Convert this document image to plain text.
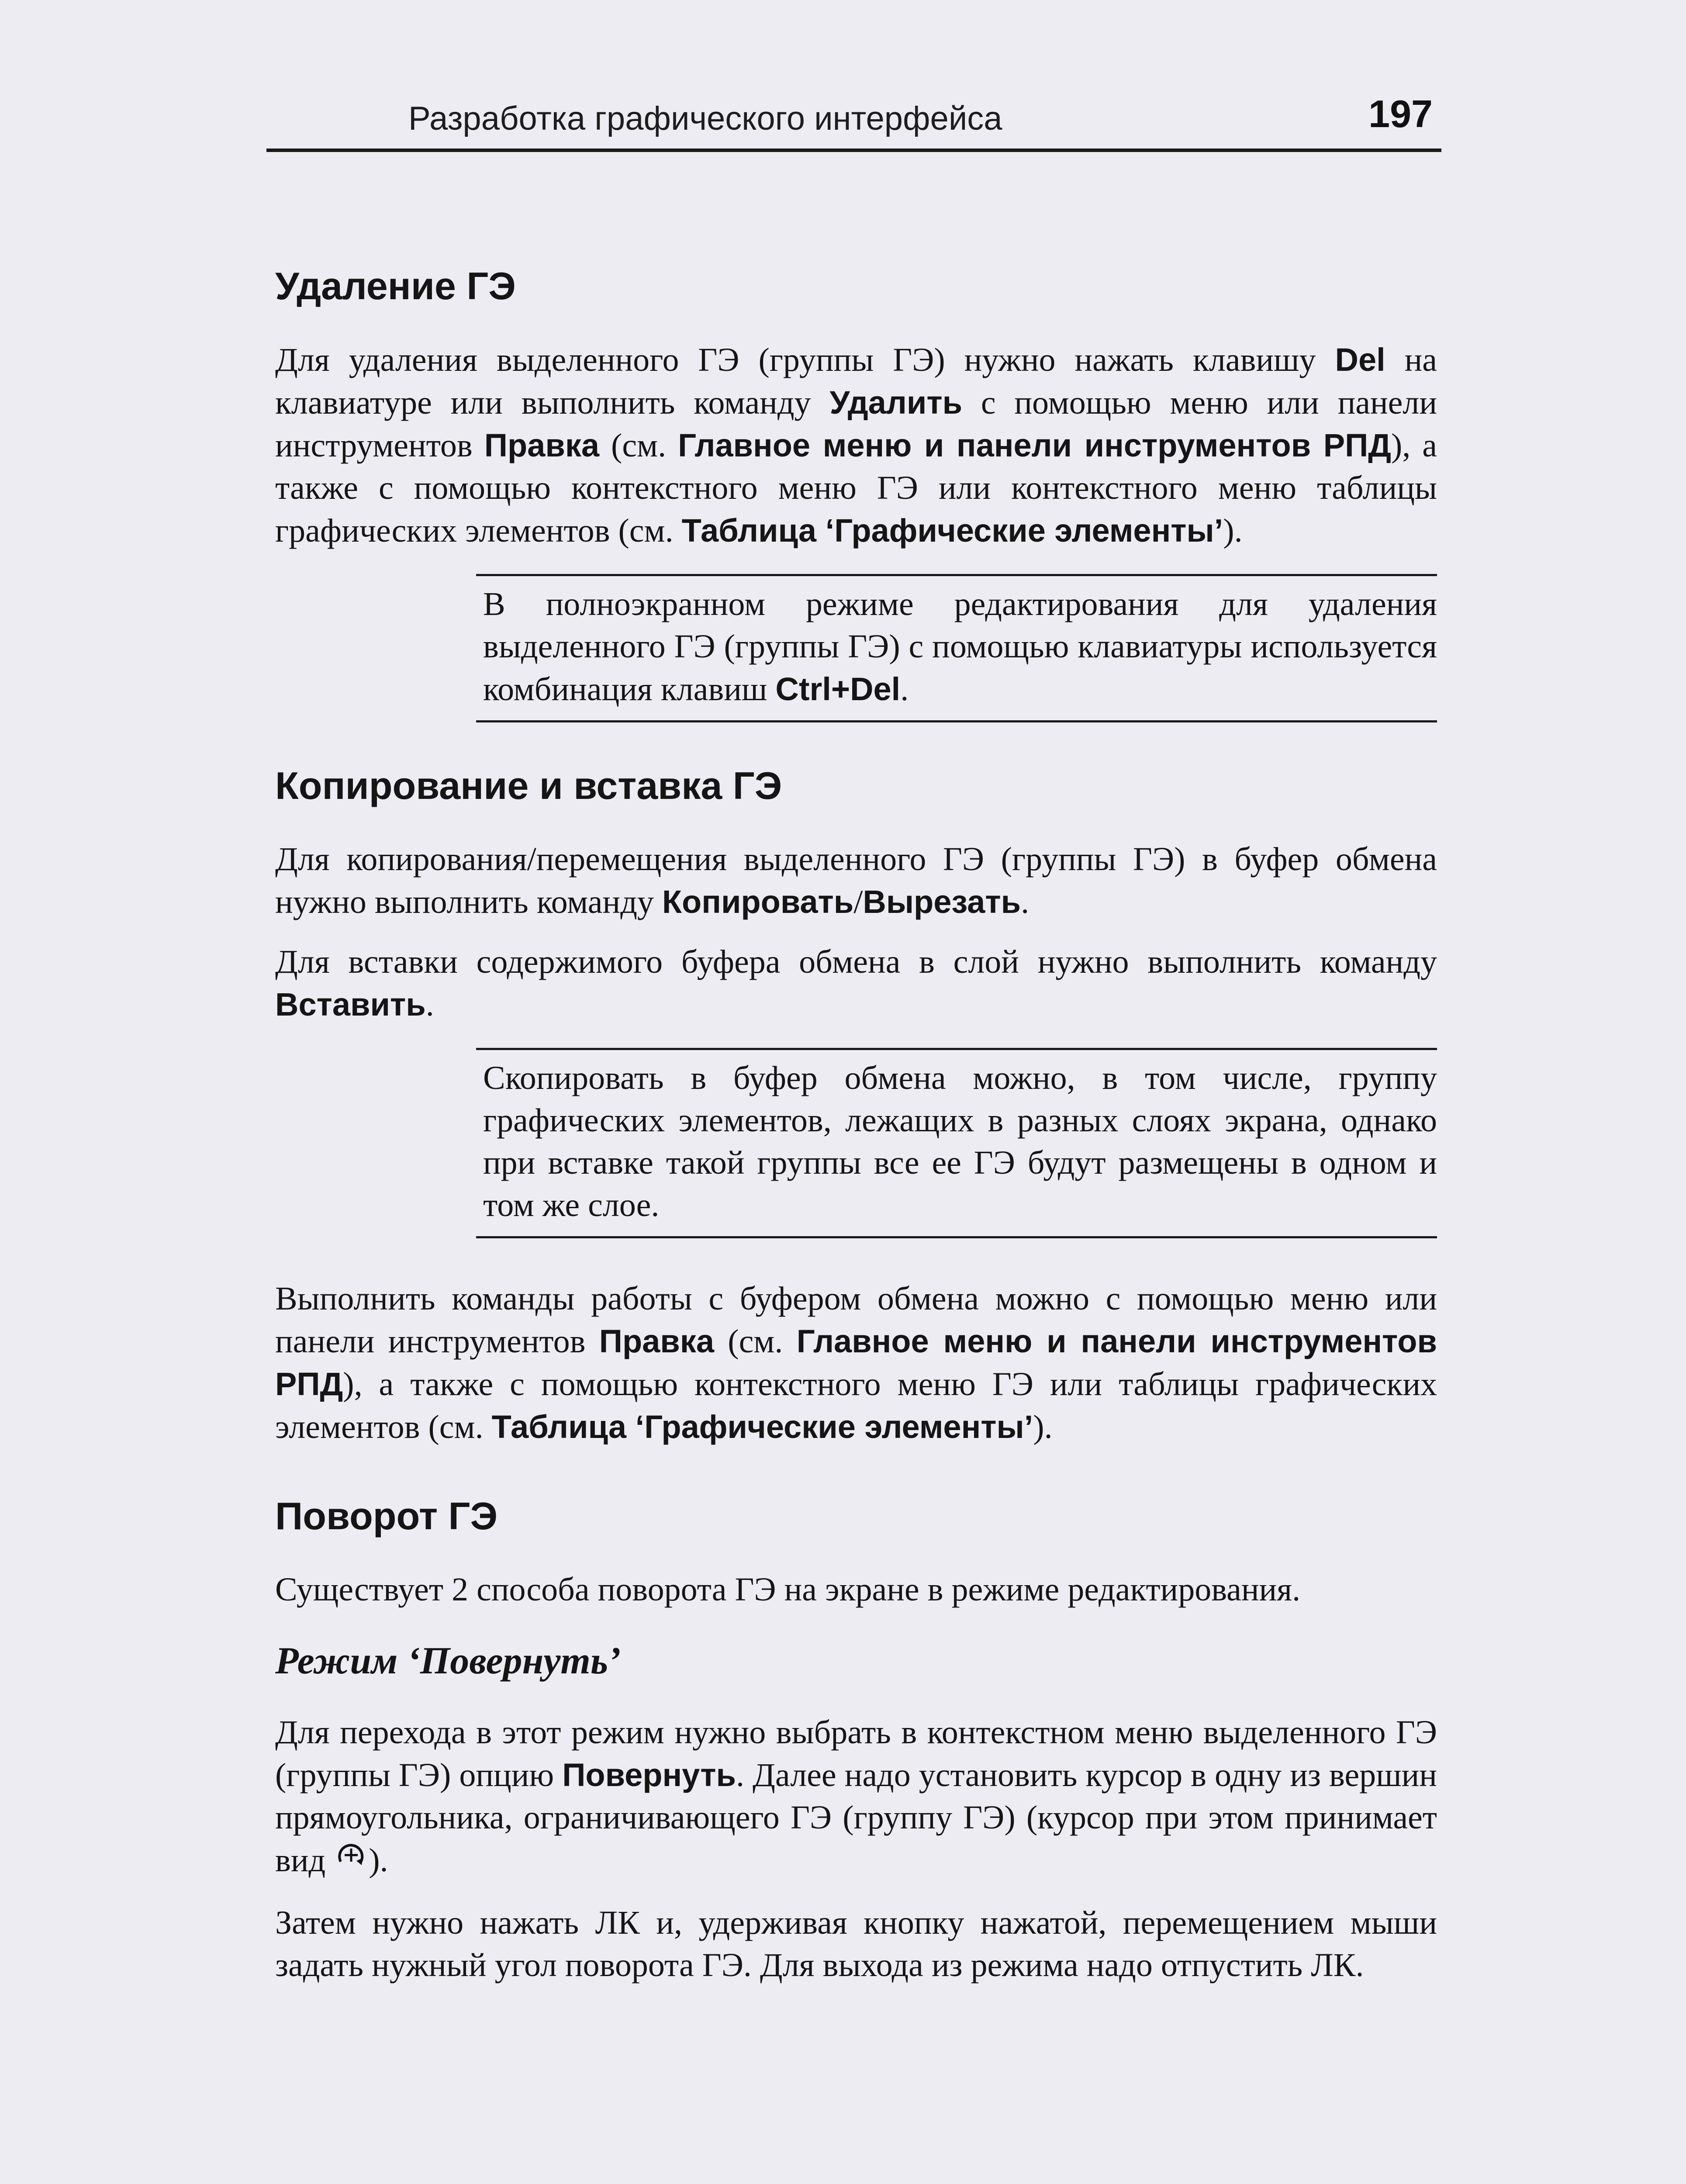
Разработка графического интерфейса	197
Удаление ГЭ

Для удаления выделенного ГЭ (группы ГЭ) нужно нажать клавишу Del на клавиатуре или выполнить команду Удалить с помощью меню или панели инструментов Правка (см. Главное меню и панели инструментов РПД), а также с помощью контекстного меню ГЭ или контекстного меню таблицы графических элементов (см. Таблица ‘Графические элементы’).

В полноэкранном режиме редактирования для удаления выделенного ГЭ (группы ГЭ) с помощью клавиатуры используется комбинация клавиш Ctrl+Del.

Копирование и вставка ГЭ

Для копирования/перемещения выделенного ГЭ (группы ГЭ) в буфер обмена нужно выполнить команду Копировать/Вырезать.

Для вставки содержимого буфера обмена в слой нужно выполнить команду Вставить.

Скопировать в буфер обмена можно, в том числе, группу графических элементов, лежащих в разных слоях экрана, однако при вставке такой группы все ее ГЭ будут размещены в одном и том же слое.

Выполнить команды работы с буфером обмена можно с помощью меню или панели инструментов Правка (см. Главное меню и панели инструментов РПД), а также с помощью контекстного меню ГЭ или таблицы графических элементов (см. Таблица ‘Графические элементы’).

Поворот ГЭ

Существует 2 способа поворота ГЭ на экране в режиме редактирования.

Режим ‘Повернуть’

Для перехода в этот режим нужно выбрать в контекстном меню выделенного ГЭ (группы ГЭ) опцию Повернуть. Далее надо установить курсор в одну из вершин прямоугольника, ограничивающего ГЭ (группу ГЭ) (курсор при этом принимает вид ).

Затем нужно нажать ЛК и, удерживая кнопку нажатой, перемещением мыши задать нужный угол поворота ГЭ. Для выхода из режима надо отпустить ЛК.
